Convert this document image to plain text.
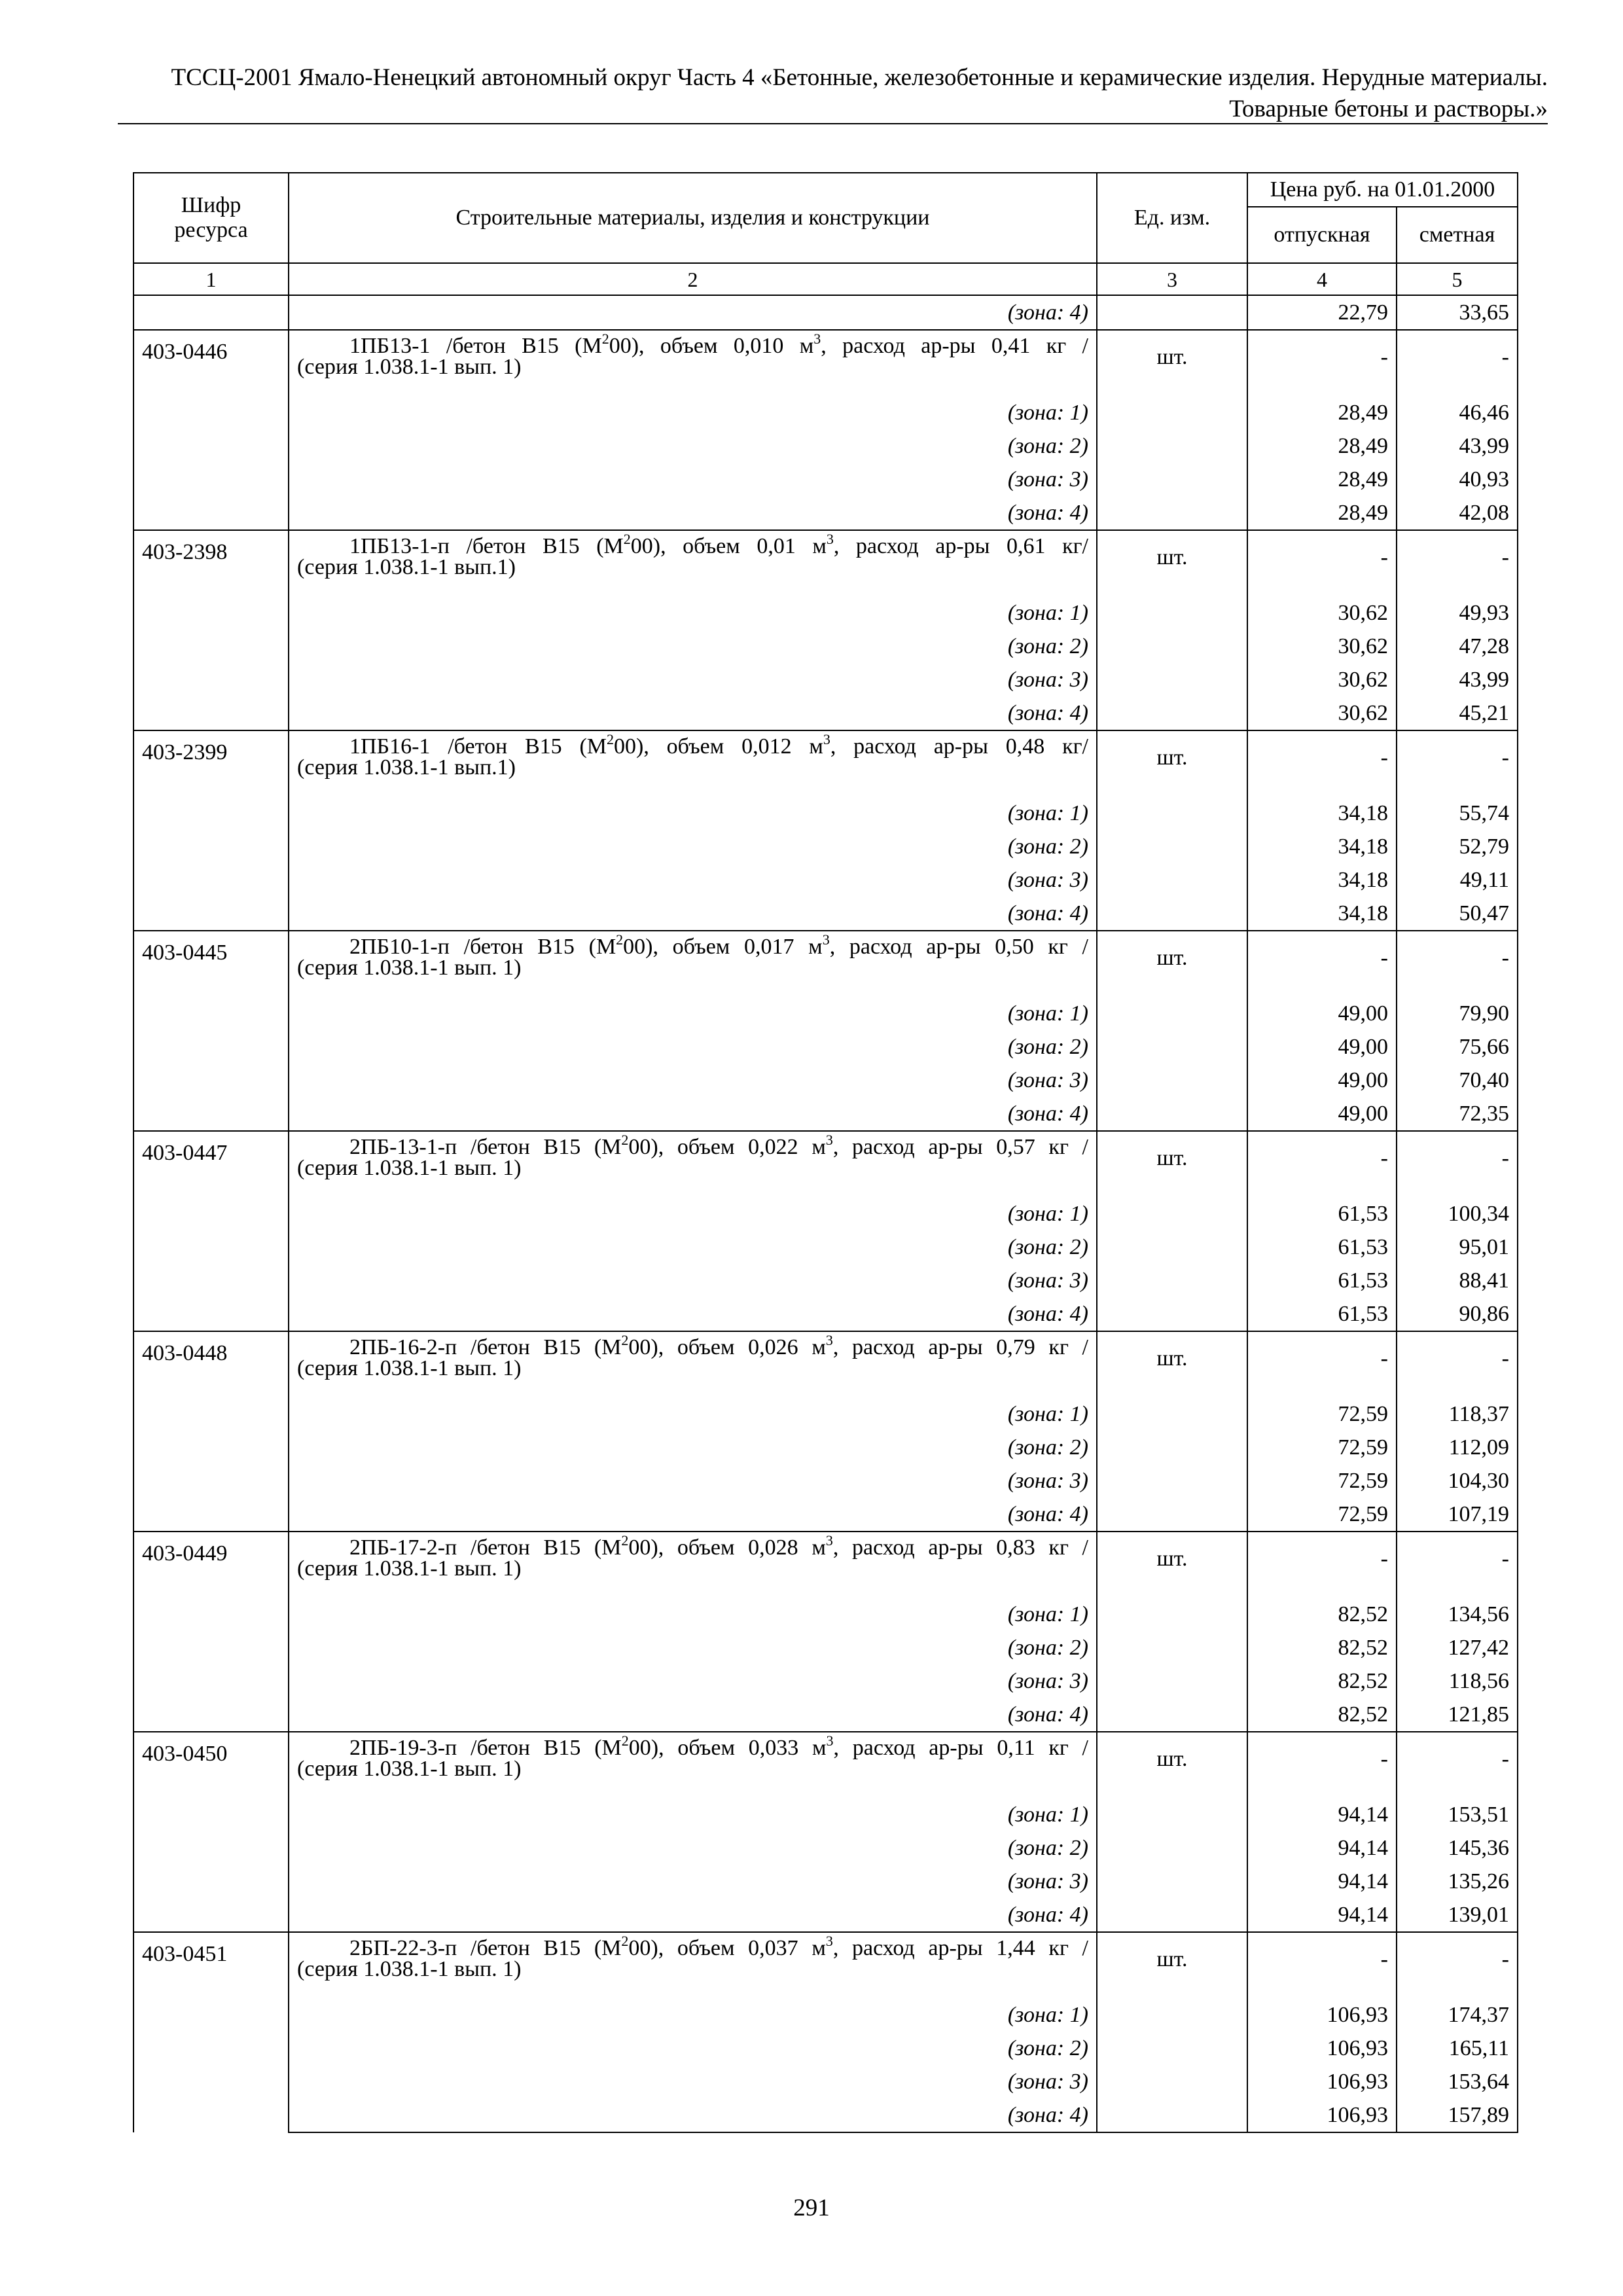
ТССЦ-2001 Ямало-Ненецкий автономный округ Часть 4 «Бетонные, железобетонные и керамические изделия. Нерудные материалы.
Товарные бетоны и растворы.»
Шифр ресурса	Строительные материалы, изделия и конструкции	Ед. изм.	Цена руб. на 01.01.2000	
			отпускная	сметная
1	2	3	4	5
	(зона: 4)		22,79	33,65
403-0446	1ПБ13-1 /бетон В15 $(М^200)$, объем 0,010 $м^3$, расход ар-ры 0,41 кг /
(серия 1.038.1-1 вып. 1)	шт.	-	-
	(зона: 1)		28,49	46,46
	(зона: 2)		28,49	43,99
	(зона: 3)		28,49	40,93
	(зона: 4)		28,49	42,08
403-2398	1ПБ13-1-п /бетон В15 $(М^200)$, объем 0,01 $м^3$, расход ар-ры 0,61 кг/
(серия 1.038.1-1 вып.1)	шт.	-	-
	(зона: 1)		30,62	49,93
	(зона: 2)		30,62	47,28
	(зона: 3)		30,62	43,99
	(зона: 4)		30,62	45,21
403-2399	1ПБ16-1 /бетон В15 $(М^200)$, объем 0,012 $м^3$, расход ар-ры 0,48 кг/
(серия 1.038.1-1 вып.1)	шт.	-	-
	(зона: 1)		34,18	55,74
	(зона: 2)		34,18	52,79
	(зона: 3)		34,18	49,11
	(зона: 4)		34,18	50,47
403-0445	2ПБ10-1-п /бетон В15 $(М^200)$, объем 0,017 $м^3$, расход ар-ры 0,50 кг /
(серия 1.038.1-1 вып. 1)	шт.	-	-
	(зона: 1)		49,00	79,90
	(зона: 2)		49,00	75,66
	(зона: 3)		49,00	70,40
	(зона: 4)		49,00	72,35
403-0447	2ПБ-13-1-п /бетон В15 $(М^200)$, объем 0,022 $м^3$, расход ар-ры 0,57 кг /
(серия 1.038.1-1 вып. 1)	шт.	-	-
	(зона: 1)		61,53	100,34
	(зона: 2)		61,53	95,01
	(зона: 3)		61,53	88,41
	(зона: 4)		61,53	90,86
403-0448	2ПБ-16-2-п /бетон В15 $(М^200)$, объем 0,026 $м^3$, расход ар-ры 0,79 кг /
(серия 1.038.1-1 вып. 1)	шт.	-	-
	(зона: 1)		72,59	118,37
	(зона: 2)		72,59	112,09
	(зона: 3)		72,59	104,30
	(зона: 4)		72,59	107,19
403-0449	2ПБ-17-2-п /бетон В15 $(М^200)$, объем 0,028 $м^3$, расход ар-ры 0,83 кг /
(серия 1.038.1-1 вып. 1)	шт.	-	-
	(зона: 1)		82,52	134,56
	(зона: 2)		82,52	127,42
	(зона: 3)		82,52	118,56
	(зона: 4)		82,52	121,85
403-0450	2ПБ-19-3-п /бетон В15 $(М^200)$, объем 0,033 $м^3$, расход ар-ры 0,11 кг /
(серия 1.038.1-1 вып. 1)	шт.	-	-
	(зона: 1)		94,14	153,51
	(зона: 2)		94,14	145,36
	(зона: 3)		94,14	135,26
	(зона: 4)		94,14	139,01
403-0451	2БП-22-3-п /бетон В15 $(М^200)$, объем 0,037 $м^3$, расход ар-ры 1,44 кг /
(серия 1.038.1-1 вып. 1)	шт.	-	-
	(зона: 1)		106,93	174,37
	(зона: 2)		106,93	165,11
	(зона: 3)		106,93	153,64
	(зона: 4)		106,93	157,89
291
